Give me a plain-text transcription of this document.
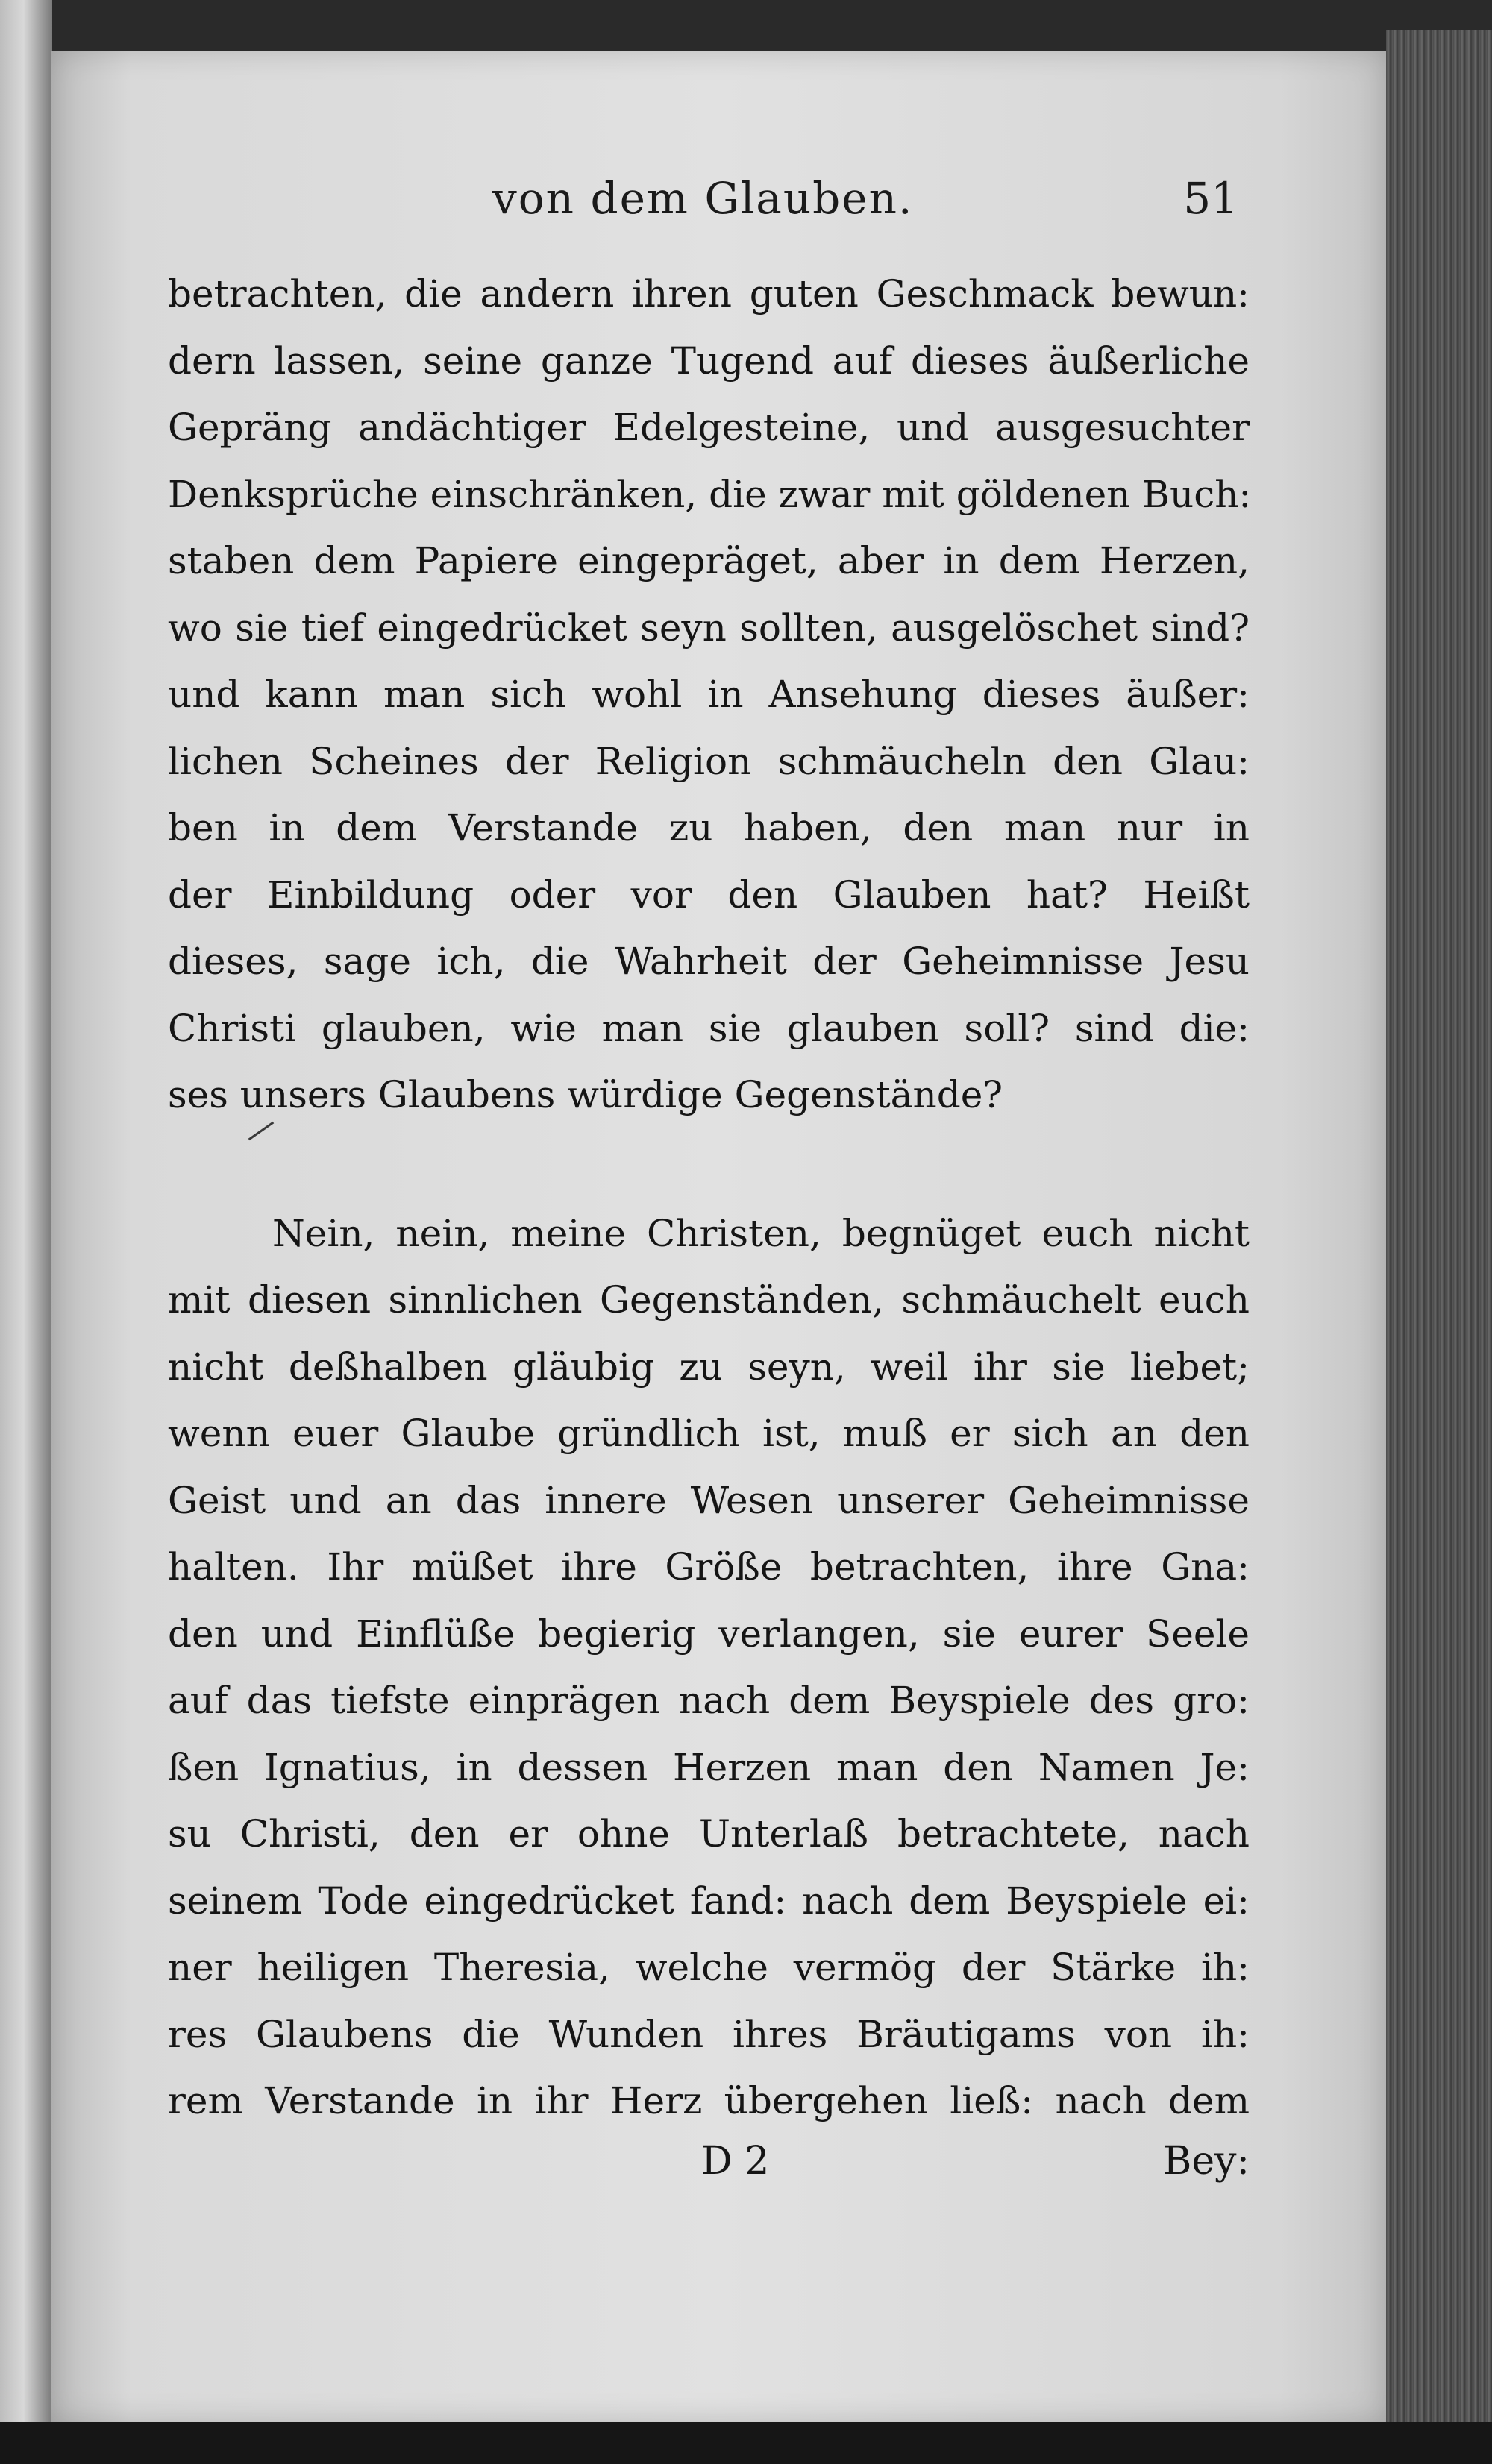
von dem Glauben.	51
betrachten, die andern ihren guten Geschmack bewun:
dern lassen, seine ganze Tugend auf dieses äußerliche
Gepräng andächtiger Edelgesteine, und ausgesuchter
Denksprüche einschränken, die zwar mit göldenen Buch:
staben dem Papiere eingepräget, aber in dem Herzen,
wo sie tief eingedrücket seyn sollten, ausgelöschet sind?
und kann man sich wohl in Ansehung dieses äußer:
lichen Scheines der Religion schmäucheln den Glau:
ben in dem Verstande zu haben, den man nur in
der Einbildung oder vor den Glauben hat? Heißt
dieses, sage ich, die Wahrheit der Geheimnisse Jesu
Christi glauben, wie man sie glauben soll? sind die:
ses unsers Glaubens würdige Gegenstände?
Nein, nein, meine Christen, begnüget euch nicht
mit diesen sinnlichen Gegenständen, schmäuchelt euch
nicht deßhalben gläubig zu seyn, weil ihr sie liebet;
wenn euer Glaube gründlich ist, muß er sich an den
Geist und an das innere Wesen unserer Geheimnisse
halten. Ihr müßet ihre Größe betrachten, ihre Gna:
den und Einflüße begierig verlangen, sie eurer Seele
auf das tiefste einprägen nach dem Beyspiele des gro:
ßen Ignatius, in dessen Herzen man den Namen Je:
su Christi, den er ohne Unterlaß betrachtete, nach
seinem Tode eingedrücket fand: nach dem Beyspiele ei:
ner heiligen Theresia, welche vermög der Stärke ih:
res Glaubens die Wunden ihres Bräutigams von ih:
rem Verstande in ihr Herz übergehen ließ: nach dem
D 2	Bey:
